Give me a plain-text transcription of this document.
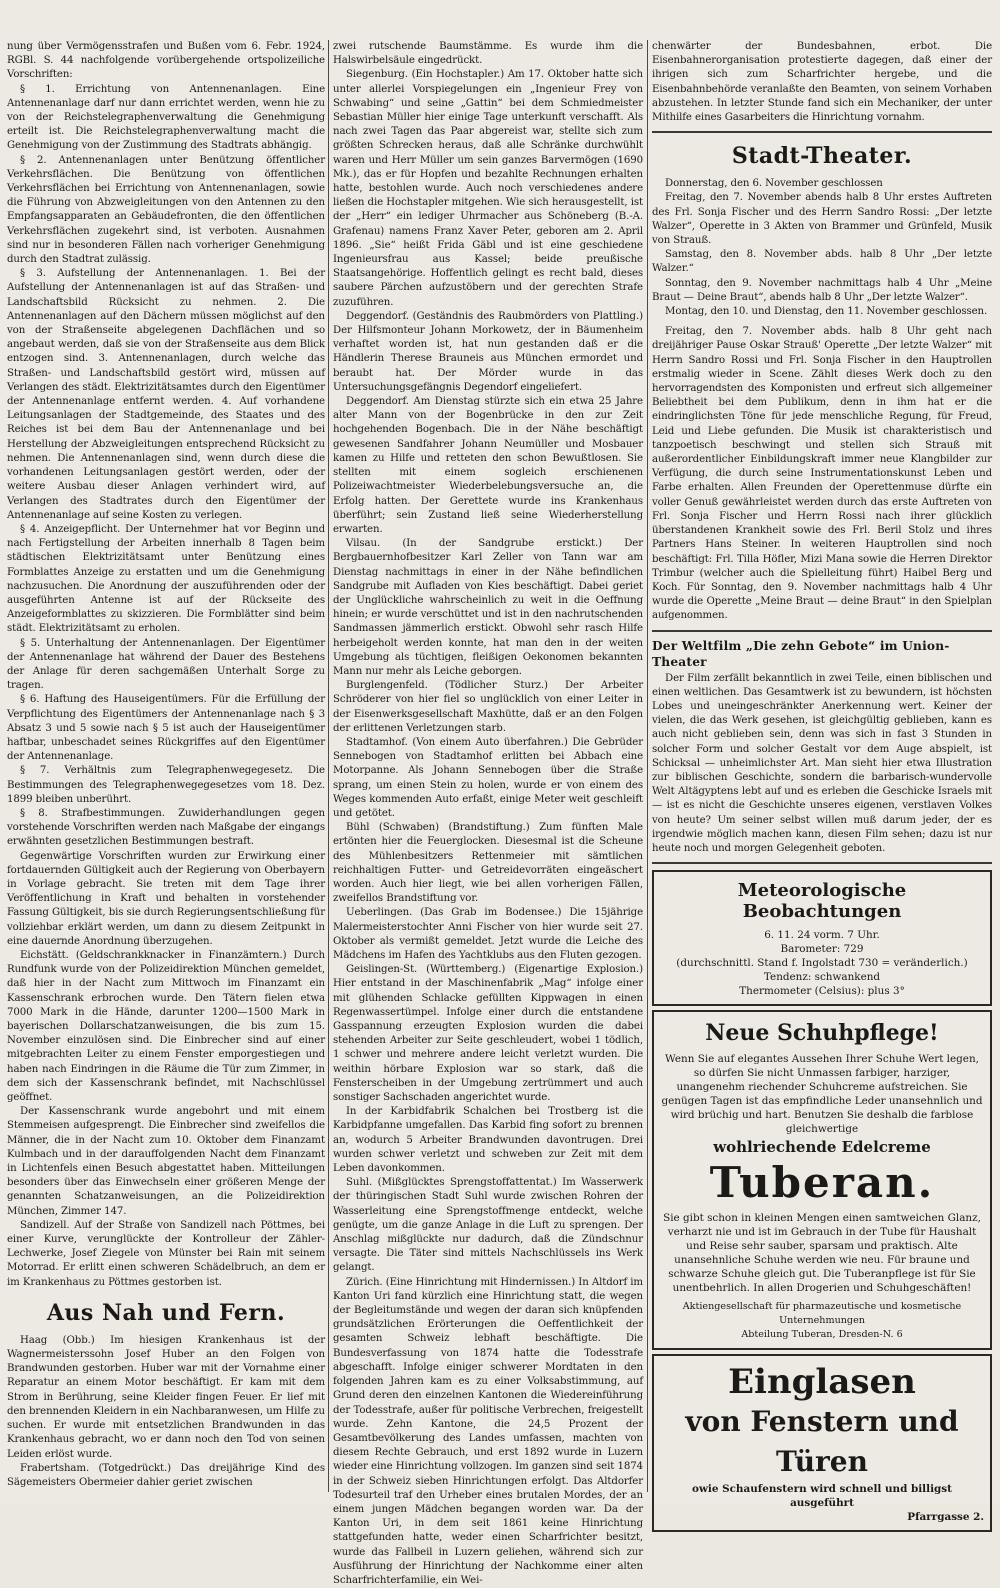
nung über Vermögensstrafen und Bußen vom 6. Febr. 1924, RGBl. S. 44 nachfolgende vorübergehende ortspolizeiliche Vorschriften:

§ 1. Errichtung von Antennenanlagen. Eine Antennenanlage darf nur dann errichtet werden, wenn hie zu von der Reichstelegraphenverwaltung die Genehmigung erteilt ist. Die Reichstelegraphenverwaltung macht die Genehmigung von der Zustimmung des Stadtrats abhängig.

§ 2. Antennenanlagen unter Benützung öffentlicher Verkehrsflächen. Die Benützung von öffentlichen Verkehrsflächen bei Errichtung von Antennenanlagen, sowie die Führung von Abzweigleitungen von den Antennen zu den Empfangsapparaten an Gebäudefronten, die den öffentlichen Verkehrsflächen zugekehrt sind, ist verboten. Ausnahmen sind nur in besonderen Fällen nach vorheriger Genehmigung durch den Stadtrat zulässig.

§ 3. Aufstellung der Antennenanlagen. 1. Bei der Aufstellung der Antennenanlagen ist auf das Straßen- und Landschaftsbild Rücksicht zu nehmen. 2. Die Antennenanlagen auf den Dächern müssen möglichst auf den von der Straßenseite abgelegenen Dachflächen und so angebaut werden, daß sie von der Straßenseite aus dem Blick entzogen sind. 3. Antennenanlagen, durch welche das Straßen- und Landschaftsbild gestört wird, müssen auf Verlangen des städt. Elektrizitätsamtes durch den Eigentümer der Antennenanlage entfernt werden. 4. Auf vorhandene Leitungsanlagen der Stadtgemeinde, des Staates und des Reiches ist bei dem Bau der Antennenanlage und bei Herstellung der Abzweigleitungen entsprechend Rücksicht zu nehmen. Die Antennenanlagen sind, wenn durch diese die vorhandenen Leitungsanlagen gestört werden, oder der weitere Ausbau dieser Anlagen verhindert wird, auf Verlangen des Stadtrates durch den Eigentümer der Antennenanlage auf seine Kosten zu verlegen.

§ 4. Anzeigepflicht. Der Unternehmer hat vor Beginn und nach Fertigstellung der Arbeiten innerhalb 8 Tagen beim städtischen Elektrizitätsamt unter Benützung eines Formblattes Anzeige zu erstatten und um die Genehmigung nachzusuchen. Die Anordnung der auszuführenden oder der ausgeführten Antenne ist auf der Rückseite des Anzeigeformblattes zu skizzieren. Die Formblätter sind beim städt. Elektrizitätsamt zu erholen.

§ 5. Unterhaltung der Antennenanlagen. Der Eigentümer der Antennenanlage hat während der Dauer des Bestehens der Anlage für deren sachgemäßen Unterhalt Sorge zu tragen.

§ 6. Haftung des Hauseigentümers. Für die Erfüllung der Verpflichtung des Eigentümers der Antennenanlage nach § 3 Absatz 3 und 5 sowie nach § 5 ist auch der Hauseigentümer haftbar, unbeschadet seines Rückgriffes auf den Eigentümer der Antennenanlage.

§ 7. Verhältnis zum Telegraphenwegegesetz. Die Bestimmungen des Telegraphenwegegesetzes vom 18. Dez. 1899 bleiben unberührt.

§ 8. Strafbestimmungen. Zuwiderhandlungen gegen vorstehende Vorschriften werden nach Maßgabe der eingangs erwähnten gesetzlichen Bestimmungen bestraft.

Gegenwärtige Vorschriften wurden zur Erwirkung einer fortdauernden Gültigkeit auch der Regierung von Oberbayern in Vorlage gebracht. Sie treten mit dem Tage ihrer Veröffentlichung in Kraft und behalten in vorstehender Fassung Gültigkeit, bis sie durch Regierungsentschließung für vollziehbar erklärt werden, um dann zu diesem Zeitpunkt in eine dauernde Anordnung überzugehen.

Eichstätt. (Geldschrankknacker in Finanzämtern.) Durch Rundfunk wurde von der Polizeidirektion München gemeldet, daß hier in der Nacht zum Mittwoch im Finanzamt ein Kassenschrank erbrochen wurde. Den Tätern fielen etwa 7000 Mark in die Hände, darunter 1200—1500 Mark in bayerischen Dollarschatzanweisungen, die bis zum 15. November einzulösen sind. Die Einbrecher sind auf einer mitgebrachten Leiter zu einem Fenster emporgestiegen und haben nach Eindringen in die Räume die Tür zum Zimmer, in dem sich der Kassenschrank befindet, mit Nachschlüssel geöffnet.

Der Kassenschrank wurde angebohrt und mit einem Stemmeisen aufgesprengt. Die Einbrecher sind zweifellos die Männer, die in der Nacht zum 10. Oktober dem Finanzamt Kulmbach und in der darauffolgenden Nacht dem Finanzamt in Lichtenfels einen Besuch abgestattet haben. Mitteilungen besonders über das Einwechseln einer größeren Menge der genannten Schatzanweisungen, an die Polizeidirektion München, Zimmer 147.

Sandizell. Auf der Straße von Sandizell nach Pöttmes, bei einer Kurve, verunglückte der Kontrolleur der Zähler-Lechwerke, Josef Ziegele von Münster bei Rain mit seinem Motorrad. Er erlitt einen schweren Schädelbruch, an dem er im Krankenhaus zu Pöttmes gestorben ist.

Aus Nah und Fern.

Haag (Obb.) Im hiesigen Krankenhaus ist der Wagnermeisterssohn Josef Huber an den Folgen von Brandwunden gestorben. Huber war mit der Vornahme einer Reparatur an einem Motor beschäftigt. Er kam mit dem Strom in Berührung, seine Kleider fingen Feuer. Er lief mit den brennenden Kleidern in ein Nachbaranwesen, um Hilfe zu suchen. Er wurde mit entsetzlichen Brandwunden in das Krankenhaus gebracht, wo er dann noch den Tod von seinen Leiden erlöst wurde.

Frabertsham. (Totgedrückt.) Das dreijährige Kind des Sägemeisters Obermeier dahier geriet zwischen

zwei rutschende Baumstämme. Es wurde ihm die Halswirbelsäule eingedrückt.

Siegenburg. (Ein Hochstapler.) Am 17. Oktober hatte sich unter allerlei Vorspiegelungen ein „Ingenieur Frey von Schwabing“ und seine „Gattin“ bei dem Schmiedmeister Sebastian Müller hier einige Tage unterkunft verschafft. Als nach zwei Tagen das Paar abgereist war, stellte sich zum größten Schrecken heraus, daß alle Schränke durchwühlt waren und Herr Müller um sein ganzes Barvermögen (1690 Mk.), das er für Hopfen und bezahlte Rechnungen erhalten hatte, bestohlen wurde. Auch noch verschiedenes andere ließen die Hochstapler mitgehen. Wie sich herausgestellt, ist der „Herr“ ein lediger Uhrmacher aus Schöneberg (B.-A. Grafenau) namens Franz Xaver Peter, geboren am 2. April 1896. „Sie“ heißt Frida Gäbl und ist eine geschiedene Ingenieursfrau aus Kassel; beide preußische Staatsangehörige. Hoffentlich gelingt es recht bald, dieses saubere Pärchen aufzustöbern und der gerechten Strafe zuzuführen.

Deggendorf. (Geständnis des Raubmörders von Plattling.) Der Hilfsmonteur Johann Morkowetz, der in Bäumenheim verhaftet worden ist, hat nun gestanden daß er die Händlerin Therese Brauneis aus München ermordet und beraubt hat. Der Mörder wurde in das Untersuchungsgefängnis Degendorf eingeliefert.

Deggendorf. Am Dienstag stürzte sich ein etwa 25 Jahre alter Mann von der Bogenbrücke in den zur Zeit hochgehenden Bogenbach. Die in der Nähe beschäftigt gewesenen Sandfahrer Johann Neumüller und Mosbauer kamen zu Hilfe und retteten den schon Bewußtlosen. Sie stellten mit einem sogleich erschienenen Polizeiwachtmeister Wiederbelebungsversuche an, die Erfolg hatten. Der Gerettete wurde ins Krankenhaus überführt; sein Zustand ließ seine Wiederherstellung erwarten.

Vilsau. (In der Sandgrube erstickt.) Der Bergbauernhofbesitzer Karl Zeller von Tann war am Dienstag nachmittags in einer in der Nähe befindlichen Sandgrube mit Aufladen von Kies beschäftigt. Dabei geriet der Unglückliche wahrscheinlich zu weit in die Oeffnung hinein; er wurde verschüttet und ist in den nachrutschenden Sandmassen jämmerlich erstickt. Obwohl sehr rasch Hilfe herbeigeholt werden konnte, hat man den in der weiten Umgebung als tüchtigen, fleißigen Oekonomen bekannten Mann nur mehr als Leiche geborgen.

Burglengenfeld. (Tödlicher Sturz.) Der Arbeiter Schröderer von hier fiel so unglücklich von einer Leiter in der Eisenwerksgesellschaft Maxhütte, daß er an den Folgen der erlittenen Verletzungen starb.

Stadtamhof. (Von einem Auto überfahren.) Die Gebrüder Sennebogen von Stadtamhof erlitten bei Abbach eine Motorpanne. Als Johann Sennebogen über die Straße sprang, um einen Stein zu holen, wurde er von einem des Weges kommenden Auto erfaßt, einige Meter weit geschleift und getötet.

Bühl (Schwaben) (Brandstiftung.) Zum fünften Male ertönten hier die Feuerglocken. Diesesmal ist die Scheune des Mühlenbesitzers Rettenmeier mit sämtlichen reichhaltigen Futter- und Getreidevorräten eingeäschert worden. Auch hier liegt, wie bei allen vorherigen Fällen, zweifellos Brandstiftung vor.

Ueberlingen. (Das Grab im Bodensee.) Die 15jährige Malermeisterstochter Anni Fischer von hier wurde seit 27. Oktober als vermißt gemeldet. Jetzt wurde die Leiche des Mädchens im Hafen des Yachtklubs aus den Fluten gezogen.

Geislingen-St. (Württemberg.) (Eigenartige Explosion.) Hier entstand in der Maschinenfabrik „Mag“ infolge einer mit glühenden Schlacke gefüllten Kippwagen in einen Regenwassertümpel. Infolge einer durch die entstandene Gasspannung erzeugten Explosion wurden die dabei stehenden Arbeiter zur Seite geschleudert, wobei 1 tödlich, 1 schwer und mehrere andere leicht verletzt wurden. Die weithin hörbare Explosion war so stark, daß die Fensterscheiben in der Umgebung zertrümmert und auch sonstiger Sachschaden angerichtet wurde.

In der Karbidfabrik Schalchen bei Trostberg ist die Karbidpfanne umgefallen. Das Karbid fing sofort zu brennen an, wodurch 5 Arbeiter Brandwunden davontrugen. Drei wurden schwer verletzt und schweben zur Zeit mit dem Leben davonkommen.

Suhl. (Mißglücktes Sprengstoffattentat.) Im Wasserwerk der thüringischen Stadt Suhl wurde zwischen Rohren der Wasserleitung eine Sprengstoffmenge entdeckt, welche genügte, um die ganze Anlage in die Luft zu sprengen. Der Anschlag mißglückte nur dadurch, daß die Zündschnur versagte. Die Täter sind mittels Nachschlüssels ins Werk gelangt.

Zürich. (Eine Hinrichtung mit Hindernissen.) In Altdorf im Kanton Uri fand kürzlich eine Hinrichtung statt, die wegen der Begleitumstände und wegen der daran sich knüpfenden grundsätzlichen Erörterungen die Oeffentlichkeit der gesamten Schweiz lebhaft beschäftigte. Die Bundesverfassung von 1874 hatte die Todesstrafe abgeschafft. Infolge einiger schwerer Mordtaten in den folgenden Jahren kam es zu einer Volksabstimmung, auf Grund deren den einzelnen Kantonen die Wiedereinführung der Todesstrafe, außer für politische Verbrechen, freigestellt wurde. Zehn Kantone, die 24,5 Prozent der Gesamtbevölkerung des Landes umfassen, machten von diesem Rechte Gebrauch, und erst 1892 wurde in Luzern wieder eine Hinrichtung vollzogen. Im ganzen sind seit 1874 in der Schweiz sieben Hinrichtungen erfolgt. Das Altdorfer Todesurteil traf den Urheber eines brutalen Mordes, der an einem jungen Mädchen begangen worden war. Da der Kanton Uri, in dem seit 1861 keine Hinrichtung stattgefunden hatte, weder einen Scharfrichter besitzt, wurde das Fallbeil in Luzern geliehen, während sich zur Ausführung der Hinrichtung der Nachkomme einer alten Scharfrichterfamilie, ein Wei-

chenwärter der Bundesbahnen, erbot. Die Eisenbahnerorganisation protestierte dagegen, daß einer der ihrigen sich zum Scharfrichter hergebe, und die Eisenbahnbehörde veranlaßte den Beamten, von seinem Vorhaben abzustehen. In letzter Stunde fand sich ein Mechaniker, der unter Mithilfe eines Gasarbeiters die Hinrichtung vornahm.

Stadt-Theater.

Donnerstag, den 6. November geschlossen

Freitag, den 7. November abends halb 8 Uhr erstes Auftreten des Frl. Sonja Fischer und des Herrn Sandro Rossi: „Der letzte Walzer“, Operette in 3 Akten von Brammer und Grünfeld, Musik von Strauß.

Samstag, den 8. November abds. halb 8 Uhr „Der letzte Walzer.“

Sonntag, den 9. November nachmittags halb 4 Uhr „Meine Braut — Deine Braut“, abends halb 8 Uhr „Der letzte Walzer“.

Montag, den 10. und Dienstag, den 11. November geschlossen.

Freitag, den 7. November abds. halb 8 Uhr geht nach dreijähriger Pause Oskar Strauß' Operette „Der letzte Walzer“ mit Herrn Sandro Rossi und Frl. Sonja Fischer in den Hauptrollen erstmalig wieder in Scene. Zählt dieses Werk doch zu den hervorragendsten des Komponisten und erfreut sich allgemeiner Beliebtheit bei dem Publikum, denn in ihm hat er die eindringlichsten Töne für jede menschliche Regung, für Freud, Leid und Liebe gefunden. Die Musik ist charakteristisch und tanzpoetisch beschwingt und stellen sich Strauß mit außerordentlicher Einbildungskraft immer neue Klangbilder zur Verfügung, die durch seine Instrumentationskunst Leben und Farbe erhalten. Allen Freunden der Operettenmuse dürfte ein voller Genuß gewährleistet werden durch das erste Auftreten von Frl. Sonja Fischer und Herrn Rossi nach ihrer glücklich überstandenen Krankheit sowie des Frl. Beril Stolz und ihres Partners Hans Steiner. In weiteren Hauptrollen sind noch beschäftigt: Frl. Tilla Höfler, Mizi Mana sowie die Herren Direktor Trimbur (welcher auch die Spielleitung führt) Haibel Berg und Koch. Für Sonntag, den 9. November nachmittags halb 4 Uhr wurde die Operette „Meine Braut — deine Braut“ in den Spielplan aufgenommen.

Der Weltfilm „Die zehn Gebote“ im Union-Theater

Der Film zerfällt bekanntlich in zwei Teile, einen biblischen und einen weltlichen. Das Gesamtwerk ist zu bewundern, ist höchsten Lobes und uneingeschränkter Anerkennung wert. Keiner der vielen, die das Werk gesehen, ist gleichgültig geblieben, kann es auch nicht geblieben sein, denn was sich in fast 3 Stunden in solcher Form und solcher Gestalt vor dem Auge abspielt, ist Schicksal — unheimlichster Art. Man sieht hier etwa Illustration zur biblischen Geschichte, sondern die barbarisch-wundervolle Welt Altägyptens lebt auf und es erleben die Geschicke Israels mit — ist es nicht die Geschichte unseres eigenen, verstlaven Volkes von heute? Um seiner selbst willen muß darum jeder, der es irgendwie möglich machen kann, diesen Film sehen; dazu ist nur heute noch und morgen Gelegenheit geboten.

Meteorologische Beobachtungen

6. 11. 24 vorm. 7 Uhr.

Barometer: 729

(durchschnittl. Stand f. Ingolstadt 730 = veränderlich.)

Tendenz: schwankend

Thermometer (Celsius): plus 3°

Neue Schuhpflege!

Wenn Sie auf elegantes Aussehen Ihrer Schuhe Wert legen, so dürfen Sie nicht Unmassen farbiger, harziger, unangenehm riechender Schuhcreme aufstreichen. Sie genügen Tagen ist das empfindliche Leder unansehnlich und wird brüchig und hart. Benutzen Sie deshalb die farblose gleichwertige

wohlriechende Edelcreme

Tuberan.

Sie gibt schon in kleinen Mengen einen samtweichen Glanz, verharzt nie und ist im Gebrauch in der Tube für Haushalt und Reise sehr sauber, sparsam und praktisch. Alte unansehnliche Schuhe werden wie neu. Für braune und schwarze Schuhe gleich gut. Die Tuberanpflege ist für Sie unentbehrlich. In allen Drogerien und Schuhgeschäften!

Aktiengesellschaft für pharmazeutische und kosmetische Unternehmungen

Abteilung Tuberan, Dresden-N. 6

Einglasen
von Fenstern und Türen

owie Schaufenstern wird schnell und billigst ausgeführt

Pfarrgasse 2.
